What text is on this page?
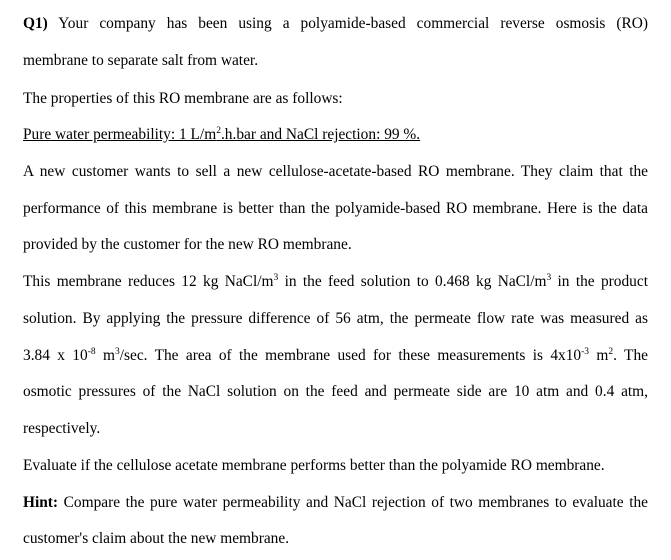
Q1) Your company has been using a polyamide-based commercial reverse osmosis (RO)
membrane to separate salt from water.
The properties of this RO membrane are as follows:
Pure water permeability: 1 $L/m^2.h.bar$ and NaCl rejection: 99 %.
A new customer wants to sell a new cellulose-acetate-based RO membrane. They claim that the
performance of this membrane is better than the polyamide-based RO membrane. Here is the data
provided by the customer for the new RO membrane.
This membrane reduces 12 kg NaCl/$m^3$ in the feed solution to 0.468 kg NaCl/$m^3$ in the product
solution. By applying the pressure difference of 56 atm, the permeate flow rate was measured as
3.84 x $10^{-8}$ $m^3/\sec$. The area of the membrane used for these measurements is $4x10^{-3}$ $m^2$. The
osmotic pressures of the NaCl solution on the feed and permeate side are 10 atm and 0.4 atm,
respectively.
Evaluate if the cellulose acetate membrane performs better than the polyamide RO membrane.
Hint: Compare the pure water permeability and NaCl rejection of two membranes to evaluate the
customer's claim about the new membrane.
